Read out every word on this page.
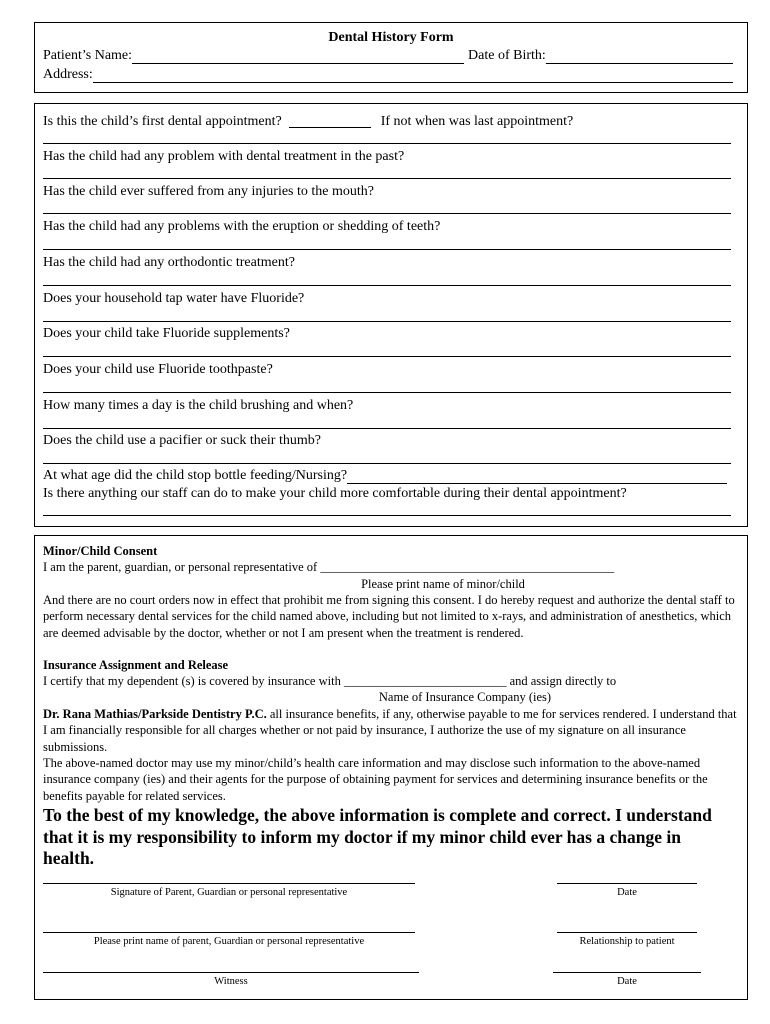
Dental History Form
Patient’s Name:	Date of Birth:
Address:
Is this the child’s first dental appointment?	If not when was last appointment?
Has the child had any problem with dental treatment in the past?
Has the child ever suffered from any injuries to the mouth?
Has the child had any problems with the eruption or shedding of teeth?
Has the child had any orthodontic treatment?
Does your household tap water have Fluoride?
Does your child take Fluoride supplements?
Does your child use Fluoride toothpaste?
How many times a day is the child brushing and when?
Does the child use a pacifier or suck their thumb?
At what age did the child stop bottle feeding/Nursing?
Is there anything our staff can do to make your child more comfortable during their dental appointment?
Minor/Child Consent
I am the parent, guardian, or personal representative of _______________________________________________
Please print name of minor/child
And there are no court orders now in effect that prohibit me from signing this consent. I do hereby request and authorize the dental staff to perform necessary dental services for the child named above, including but not limited to x-rays, and administration of anesthetics, which are deemed advisable by the doctor, whether or not I am present when the treatment is rendered.
Insurance Assignment and Release
I certify that my dependent (s) is covered by insurance with __________________________ and assign directly to
Name of Insurance Company (ies)
Dr. Rana Mathias/Parkside Dentistry P.C. all insurance benefits, if any, otherwise payable to me for services rendered. I understand that I am financially responsible for all charges whether or not paid by insurance, I authorize the use of my signature on all insurance submissions.
The above-named doctor may use my minor/child’s health care information and may disclose such information to the above-named insurance company (ies) and their agents for the purpose of obtaining payment for services and determining insurance benefits or the benefits payable for related services.
To the best of my knowledge, the above information is complete and correct. I understand that it is my responsibility to inform my doctor if my minor child ever has a change in health.
Signature of Parent, Guardian or personal representative	Date
Please print name of parent, Guardian or personal representative	Relationship to patient
Witness	Date
